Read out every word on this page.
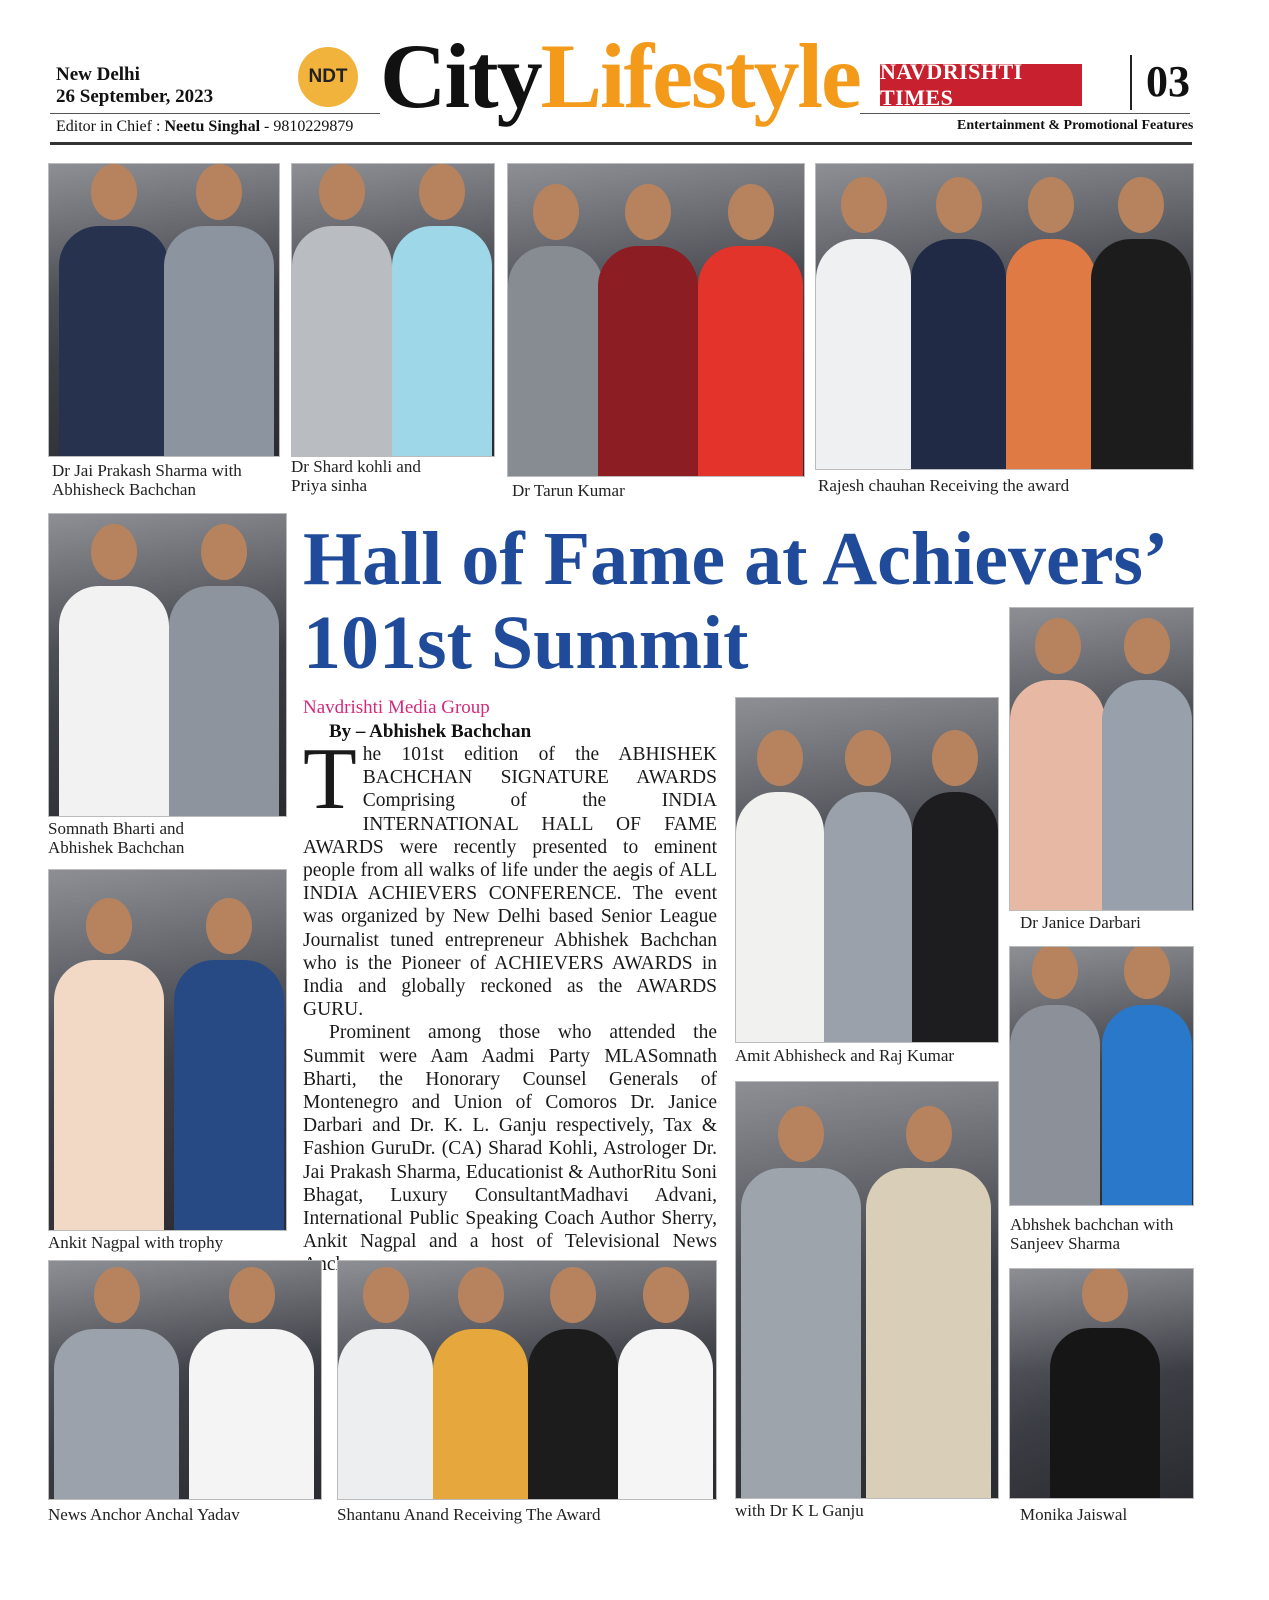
New Delhi
26 September, 2023
Editor in Chief : Neetu Singhal - 9810229879
NDT CityLifestyle NAVDRISHTI TIMES	03
Entertainment & Promotional Features
Dr Jai Prakash Sharma with Abhisheck Bachchan
Dr Shard kohli and Priya sinha	Dr Tarun Kumar	Rajesh chauhan Receiving the award
Somnath Bharti and Abhishek Bachchan
Ankit Nagpal with trophy
Hall of Fame at Achievers’
101st Summit
Navdrishti Media Group
By – Abhishek Bachchan

The 101st edition of the ABHISHEK BACHCHAN SIGNATURE AWARDS Comprising of the INDIA INTERNATIONAL HALL OF FAME AWARDS were recently presented to eminent people from all walks of life under the aegis of ALL INDIA ACHIEVERS CONFERENCE. The event was organized by New Delhi based Senior League Journalist tuned entrepreneur Abhishek Bachchan who is the Pioneer of ACHIEVERS AWARDS in India and globally reckoned as the AWARDS GURU.

Prominent among those who attended the Summit were Aam Aadmi Party MLASomnath Bharti, the Honorary Counsel Generals of Montenegro and Union of Comoros Dr. Janice Darbari and Dr. K. L. Ganju respectively, Tax & Fashion GuruDr. (CA) Sharad Kohli, Astrologer Dr. Jai Prakash Sharma, Educationist & AuthorRitu Soni Bhagat, Luxury ConsultantMadhavi Advani, International Public Speaking Coach Author Sherry, Ankit Nagpal and a host of Televisional News

Amit Abhisheck and Raj Kumar
with Dr K L Ganju
Dr Janice Darbari
Abhshek bachchan with Sanjeev Sharma
Monika Jaiswal
News Anchor Anchal Yadav	Shantanu Anand Receiving The Award
